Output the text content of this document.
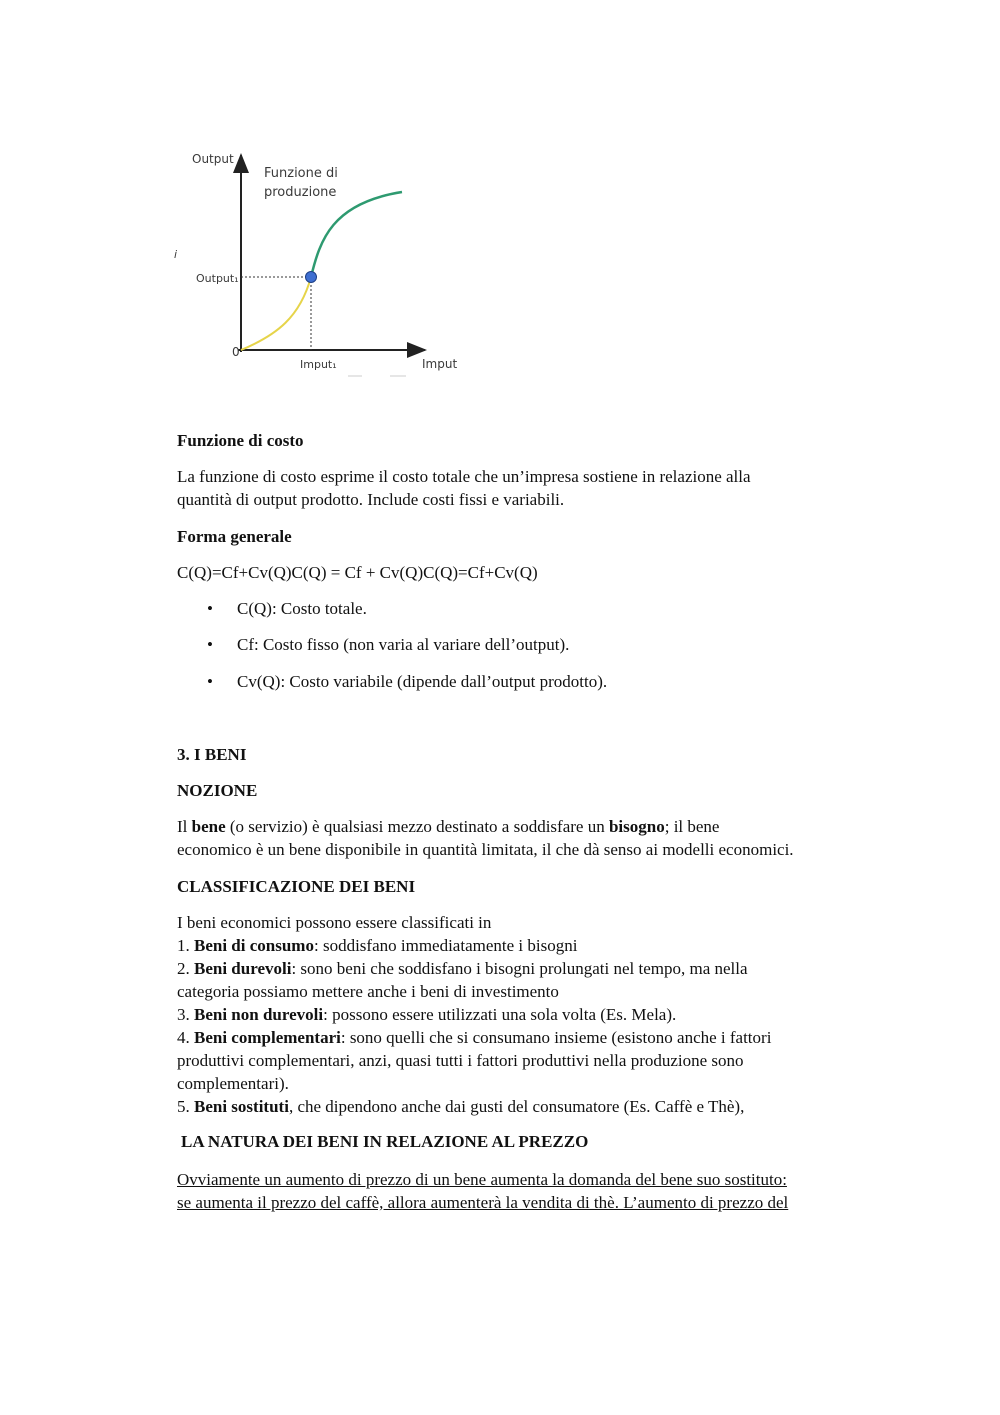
Output
Funzione di
produzione
i
Output₁
0
Imput₁	Imput
Funzione di costo
La funzione di costo esprime il costo totale che un’impresa sostiene in relazione alla
quantità di output prodotto. Include costi fissi e variabili.
Forma generale
C(Q)=Cf+Cv(Q)C(Q) = Cf + Cv(Q)C(Q)=Cf+Cv(Q)
• C(Q): Costo totale.
• Cf: Costo fisso (non varia al variare dell’output).
• Cv(Q): Costo variabile (dipende dall’output prodotto).
3. I BENI
NOZIONE
Il bene (o servizio) è qualsiasi mezzo destinato a soddisfare un bisogno; il bene
economico è un bene disponibile in quantità limitata, il che dà senso ai modelli economici.
CLASSIFICAZIONE DEI BENI
I beni economici possono essere classificati in
1. Beni di consumo: soddisfano immediatamente i bisogni
2. Beni durevoli: sono beni che soddisfano i bisogni prolungati nel tempo, ma nella
categoria possiamo mettere anche i beni di investimento
3. Beni non durevoli: possono essere utilizzati una sola volta (Es. Mela).
4. Beni complementari: sono quelli che si consumano insieme (esistono anche i fattori
produttivi complementari, anzi, quasi tutti i fattori produttivi nella produzione sono
complementari).
5. Beni sostituti, che dipendono anche dai gusti del consumatore (Es. Caffè e Thè),
LA NATURA DEI BENI IN RELAZIONE AL PREZZO
Ovviamente un aumento di prezzo di un bene aumenta la domanda del bene suo sostituto:
se aumenta il prezzo del caffè, allora aumenterà la vendita di thè. L’aumento di prezzo del
